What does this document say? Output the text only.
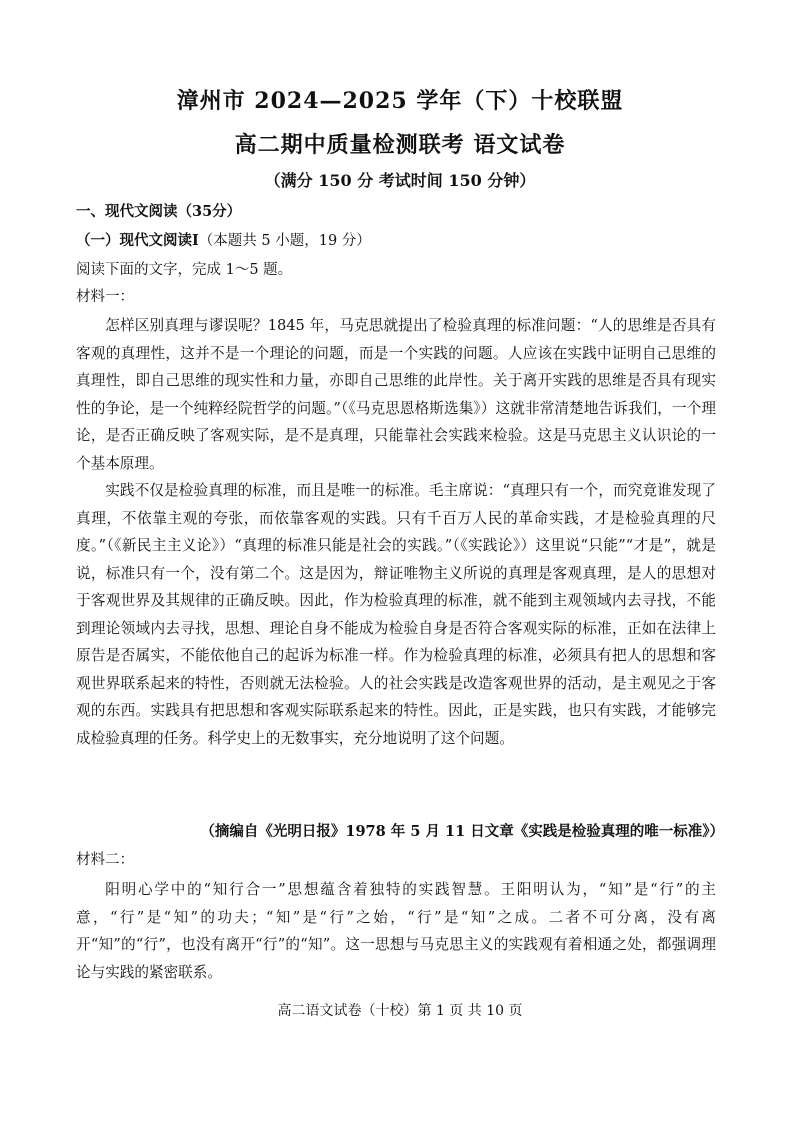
漳州市 2024—2025 学年（下）十校联盟
高二期中质量检测联考 语文试卷
（满分 150 分 考试时间 150 分钟）
一、现代文阅读（35分）
（一）现代文阅读Ⅰ（本题共 5 小题，19 分）
阅读下面的文字，完成 1～5 题。
材料一：

怎样区别真理与谬误呢？1845 年，马克思就提出了检验真理的标准问题：“人的思维是否具有客观的真理性，这并不是一个理论的问题，而是一个实践的问题。人应该在实践中证明自己思维的真理性，即自己思维的现实性和力量，亦即自己思维的此岸性。关于离开实践的思维是否具有现实性的争论，是一个纯粹经院哲学的问题。”（《马克思恩格斯选集》）这就非常清楚地告诉我们，一个理论，是否正确反映了客观实际，是不是真理，只能靠社会实践来检验。这是马克思主义认识论的一个基本原理。

实践不仅是检验真理的标准，而且是唯一的标准。毛主席说：“真理只有一个，而究竟谁发现了真理，不依靠主观的夸张，而依靠客观的实践。只有千百万人民的革命实践，才是检验真理的尺度。”（《新民主主义论》）“真理的标准只能是社会的实践。”（《实践论》）这里说“只能”“才是”，就是说，标准只有一个，没有第二个。这是因为，辩证唯物主义所说的真理是客观真理，是人的思想对于客观世界及其规律的正确反映。因此，作为检验真理的标准，就不能到主观领域内去寻找，不能到理论领域内去寻找，思想、理论自身不能成为检验自身是否符合客观实际的标准，正如在法律上原告是否属实，不能依他自己的起诉为标准一样。作为检验真理的标准，必须具有把人的思想和客观世界联系起来的特性，否则就无法检验。人的社会实践是改造客观世界的活动，是主观见之于客观的东西。实践具有把思想和客观实际联系起来的特性。因此，正是实践，也只有实践，才能够完成检验真理的任务。科学史上的无数事实，充分地说明了这个问题。

（摘编自《光明日报》1978 年 5 月 11 日文章《实践是检验真理的唯一标准》）
材料二：

阳明心学中的“知行合一”思想蕴含着独特的实践智慧。王阳明认为，“知”是“行”的主意，“行”是“知”的功夫；“知”是“行”之始，“行”是“知”之成。二者不可分离，没有离开“知”的“行”，也没有离开“行”的“知”。这一思想与马克思主义的实践观有着相通之处，都强调理论与实践的紧密联系。

高二语文试卷（十校）第 1 页 共 10 页
